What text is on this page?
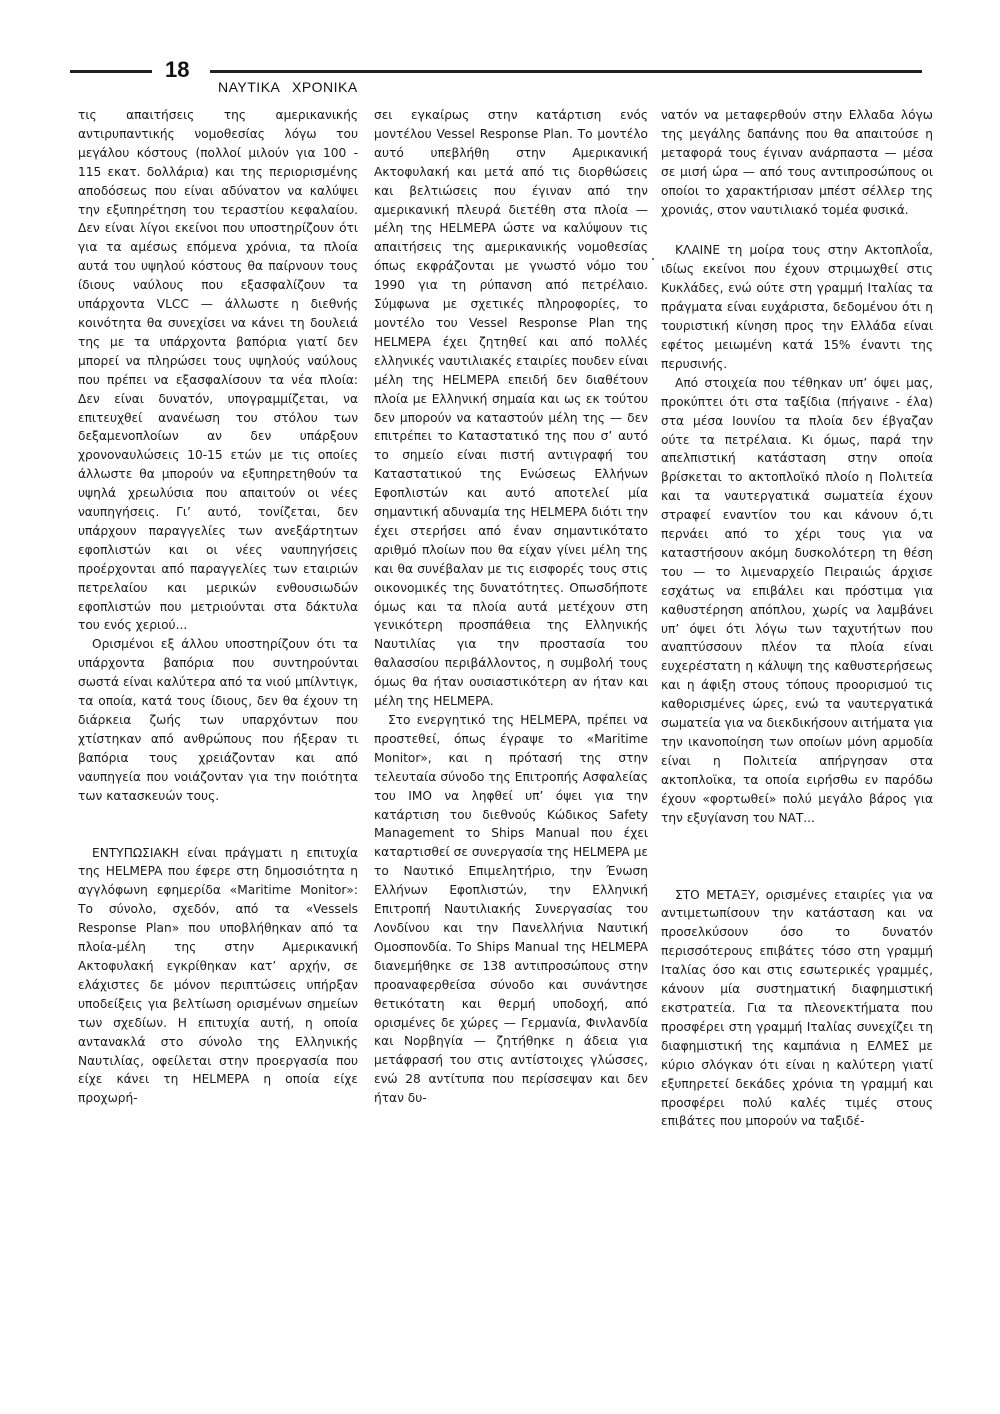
18
ΝΑΥΤΙΚΑ ΧΡΟΝΙΚΑ

τις απαιτήσεις της αμερικανικής αντιρυπαντικής νομοθεσίας λόγω του μεγάλου κόστους (πολλοί μιλούν για 100 - 115 εκατ. δολλάρια) και της περιορισμένης αποδόσεως που είναι αδύνατον να καλύψει την εξυπηρέτηση του τεραστίου κεφαλαίου. Δεν είναι λίγοι εκείνοι που υποστηρίζουν ότι για τα αμέσως επόμενα χρόνια, τα πλοία αυτά του υψηλού κόστους θα παίρνουν τους ίδιους ναύλους που εξασφαλίζουν τα υπάρχοντα VLCC — άλλωστε η διεθνής κοινότητα θα συνεχίσει να κάνει τη δουλειά της με τα υπάρχοντα βαπόρια γιατί δεν μπορεί να πληρώσει τους υψηλούς ναύλους που πρέπει να εξασφαλίσουν τα νέα πλοία: Δεν είναι δυνατόν, υπογραμμίζεται, να επιτευχθεί ανανέωση του στόλου των δεξαμενοπλοίων αν δεν υπάρξουν χρονοναυλώσεις 10-15 ετών με τις οποίες άλλωστε θα μπορούν να εξυπηρετηθούν τα υψηλά χρεωλύσια που απαιτούν οι νέες ναυπηγήσεις. Γι’ αυτό, τονίζεται, δεν υπάρχουν παραγγελίες των ανεξάρτητων εφοπλιστών και οι νέες ναυπηγήσεις προέρχονται από παραγγελίες των εταιριών πετρελαίου και μερικών ενθουσιωδών εφοπλιστών που μετριούνται στα δάκτυλα του ενός χεριού...

Ορισμένοι εξ άλλου υποστηρίζουν ότι τα υπάρχοντα βαπόρια που συντηρούνται σωστά είναι καλύτερα από τα νιού μπίλντιγκ, τα οποία, κατά τους ίδιους, δεν θα έχουν τη διάρκεια ζωής των υπαρχόντων που χτίστηκαν από ανθρώπους που ήξεραν τι βαπόρια τους χρειάζονταν και από ναυπηγεία που νοιάζονταν για την ποιότητα των κατασκευών τους.

ΕΝΤΥΠΩΣΙΑΚΗ είναι πράγματι η επιτυχία της HELMEPA που έφερε στη δημοσιότητα η αγγλόφωνη εφημερίδα «Maritime Monitor»: Το σύνολο, σχεδόν, από τα «Vessels Response Plan» που υποβλήθηκαν από τα πλοία-μέλη της στην Αμερικανική Ακτοφυλακή εγκρίθηκαν κατ’ αρχήν, σε ελάχιστες δε μόνον περιπτώσεις υπήρξαν υποδείξεις για βελτίωση ορισμένων σημείων των σχεδίων. Η επιτυχία αυτή, η οποία αντανακλά στο σύνολο της Ελληνικής Ναυτιλίας, οφείλεται στην προεργασία που είχε κάνει τη HELMEPA η οποία είχε προχωρή-

σει εγκαίρως στην κατάρτιση ενός μοντέλου Vessel Response Plan. Το μοντέλο αυτό υπεβλήθη στην Αμερικανική Ακτοφυλακή και μετά από τις διορθώσεις και βελτιώσεις που έγιναν από την αμερικανική πλευρά διετέθη στα πλοία — μέλη της HELMEPA ώστε να καλύψουν τις απαιτήσεις της αμερικανικής νομοθεσίας όπως εκφράζονται με γνωστό νόμο του 1990 για τη ρύπανση από πετρέλαιο. Σύμφωνα με σχετικές πληροφορίες, το μοντέλο του Vessel Response Plan της HELMEPA έχει ζητηθεί και από πολλές ελληνικές ναυτιλιακές εταιρίες πουδεν είναι μέλη της HELMEPA επειδή δεν διαθέτουν πλοία με Ελληνική σημαία και ως εκ τούτου δεν μπορούν να καταστούν μέλη της — δεν επιτρέπει το Καταστατικό της που σ’ αυτό το σημείο είναι πιστή αντιγραφή του Καταστατικού της Ενώσεως Ελλήνων Εφοπλιστών και αυτό αποτελεί μία σημαντική αδυναμία της HELMEPA διότι την έχει στερήσει από έναν σημαντικότατο αριθμό πλοίων που θα είχαν γίνει μέλη της και θα συνέβαλαν με τις εισφορές τους στις οικονομικές της δυνατότητες. Οπωσδήποτε όμως και τα πλοία αυτά μετέχουν στη γενικότερη προσπάθεια της Ελληνικής Ναυτιλίας για την προστασία του θαλασσίου περιβάλλοντος, η συμβολή τους όμως θα ήταν ουσιαστικότερη αν ήταν και μέλη της HELMEPA.

Στο ενεργητικό της HELMEPA, πρέπει να προστεθεί, όπως έγραψε το «Maritime Monitor», και η πρότασή της στην τελευταία σύνοδο της Επιτροπής Ασφαλείας του ΙΜΟ να ληφθεί υπ’ όψει για την κατάρτιση του διεθνούς Κώδικος Safety Management το Ships Manual που έχει καταρτισθεί σε συνεργασία της HELMEPA με το Ναυτικό Επιμελητήριο, την Ένωση Ελλήνων Εφοπλιστών, την Ελληνική Επιτροπή Ναυτιλιακής Συνεργασίας του Λονδίνου και την Πανελλήνια Ναυτική Ομοσπονδία. Το Ships Manual της HELMEPA διανεμήθηκε σε 138 αντιπροσώπους στην προαναφερθείσα σύνοδο και συνάντησε θετικότατη και θερμή υποδοχή, από ορισμένες δε χώρες — Γερμανία, Φινλανδία και Νορβηγία — ζητήθηκε η άδεια για μετάφρασή του στις αντίστοιχες γλώσσες, ενώ 28 αντίτυπα που περίσσεψαν και δεν ήταν δυ-

νατόν να μεταφερθούν στην Ελλαδα λόγω της μεγάλης δαπάνης που θα απαιτούσε η μεταφορά τους έγιναν ανάρπαστα — μέσα σε μισή ώρα — από τους αντιπροσώπους οι οποίοι το χαρακτήρισαν μπέστ σέλλερ της χρονιάς, στον ναυτιλιακό τομέα φυσικά.

ΚΛΑΙΝΕ τη μοίρα τους στην Ακτοπλοΐα, ιδίως εκείνοι που έχουν στριμωχθεί στις Κυκλάδες, ενώ ούτε στη γραμμή Ιταλίας τα πράγματα είναι ευχάριστα, δεδομένου ότι η τουριστική κίνηση προς την Ελλάδα είναι εφέτος μειωμένη κατά 15% έναντι της περυσινής.

Από στοιχεία που τέθηκαν υπ’ όψει μας, προκύπτει ότι στα ταξίδια (πήγαινε - έλα) στα μέσα Ιουνίου τα πλοία δεν έβγαζαν ούτε τα πετρέλαια. Κι όμως, παρά την απελπιστική κατάσταση στην οποία βρίσκεται το ακτοπλοϊκό πλοίο η Πολιτεία και τα ναυτεργατικά σωματεία έχουν στραφεί εναντίον του και κάνουν ό,τι περνάει από το χέρι τους για να καταστήσουν ακόμη δυσκολότερη τη θέση του — το λιμεναρχείο Πειραιώς άρχισε εσχάτως να επιβάλει και πρόστιμα για καθυστέρηση απόπλου, χωρίς να λαμβάνει υπ’ όψει ότι λόγω των ταχυτήτων που αναπτύσσουν πλέον τα πλοία είναι ευχερέστατη η κάλυψη της καθυστερήσεως και η άφιξη στους τόπους προορισμού τις καθορισμένες ώρες, ενώ τα ναυτεργατικά σωματεία για να διεκδικήσουν αιτήματα για την ικανοποίηση των οποίων μόνη αρμοδία είναι η Πολιτεία απήργησαν στα ακτοπλοϊκα, τα οποία ειρήσθω εν παρόδω έχουν «φορτωθεί» πολύ μεγάλο βάρος για την εξυγίανση του ΝΑΤ...

ΣΤΟ ΜΕΤΑΞΥ, ορισμένες εταιρίες για να αντιμετωπίσουν την κατάσταση και να προσελκύσουν όσο το δυνατόν περισσότερους επιβάτες τόσο στη γραμμή Ιταλίας όσο και στις εσωτερικές γραμμές, κάνουν μία συστηματική διαφημιστική εκστρατεία. Για τα πλεονεκτήματα που προσφέρει στη γραμμή Ιταλίας συνεχίζει τη διαφημιστική της καμπάνια η ΕΛΜΕΣ με κύριο σλόγκαν ότι είναι η καλύτερη γιατί εξυπηρετεί δεκάδες χρόνια τη γραμμή και προσφέρει πολύ καλές τιμές στους επιβάτες που μπορούν να ταξιδέ-
